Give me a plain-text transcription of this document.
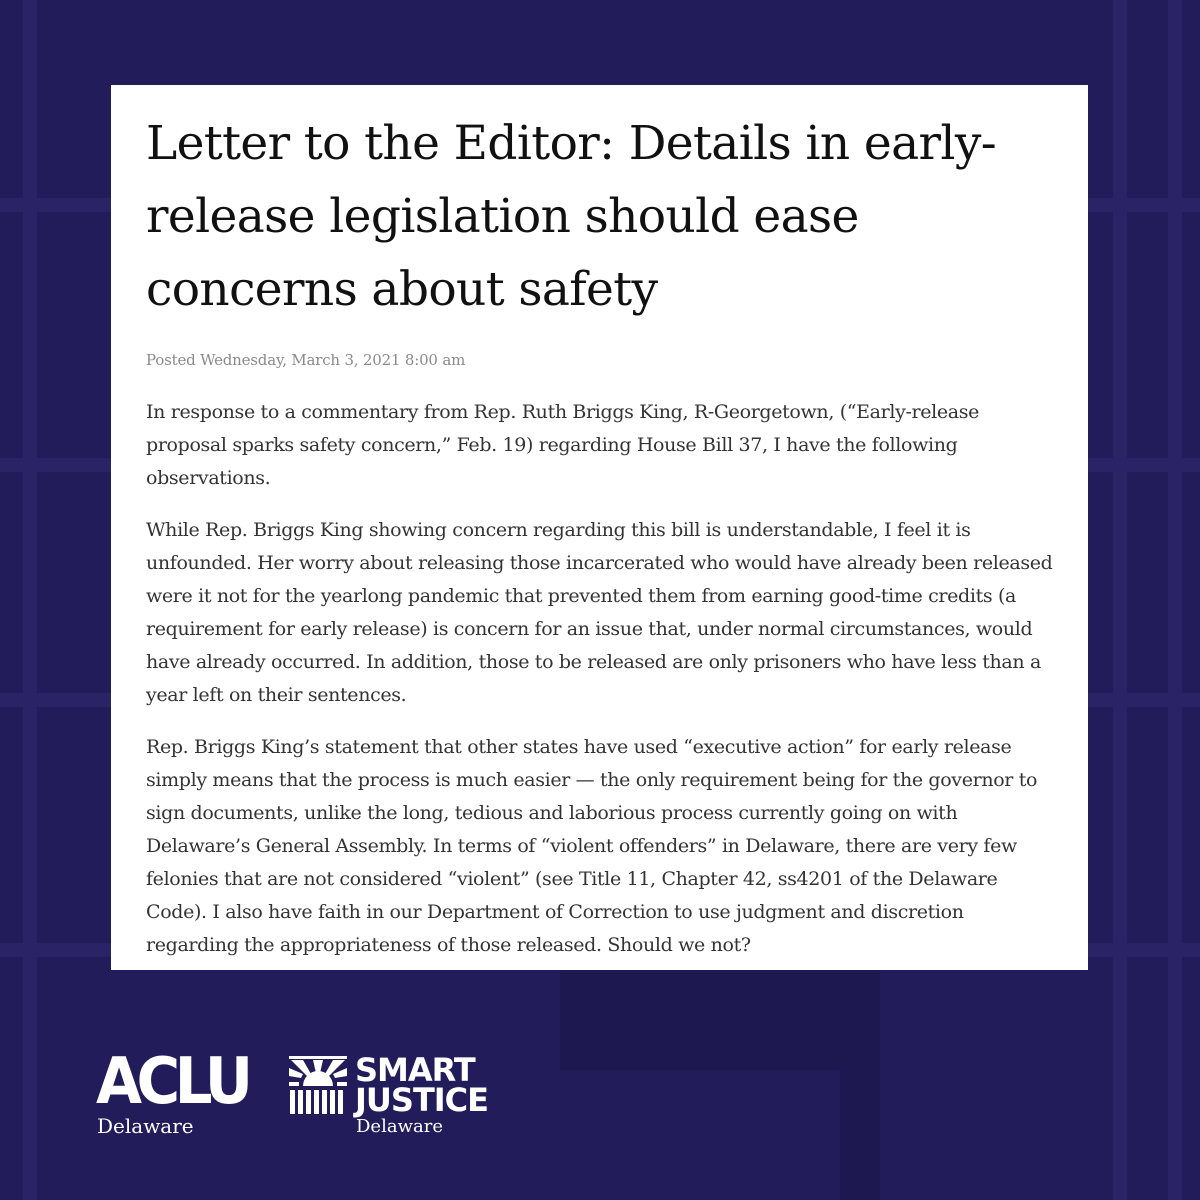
Letter to the Editor: Details in early-release legislation should ease concerns about safety
Posted Wednesday, March 3, 2021 8:00 am

In response to a commentary from Rep. Ruth Briggs King, R-Georgetown, (“Early-release proposal sparks safety concern,” Feb. 19) regarding House Bill 37, I have the following observations.

While Rep. Briggs King showing concern regarding this bill is understandable, I feel it is unfounded. Her worry about releasing those incarcerated who would have already been released were it not for the yearlong pandemic that prevented them from earning good-time credits (a requirement for early release) is concern for an issue that, under normal circumstances, would have already occurred. In addition, those to be released are only prisoners who have less than a year left on their sentences.

Rep. Briggs King’s statement that other states have used “executive action” for early release simply means that the process is much easier — the only requirement being for the governor to sign documents, unlike the long, tedious and laborious process currently going on with Delaware’s General Assembly. In terms of “violent offenders” in Delaware, there are very few felonies that are not considered “violent” (see Title 11, Chapter 42, ss4201 of the Delaware Code). I also have faith in our Department of Correction to use judgment and discretion regarding the appropriateness of those released. Should we not?

ACLU
Delaware
SMART
JUSTICE
Delaware
